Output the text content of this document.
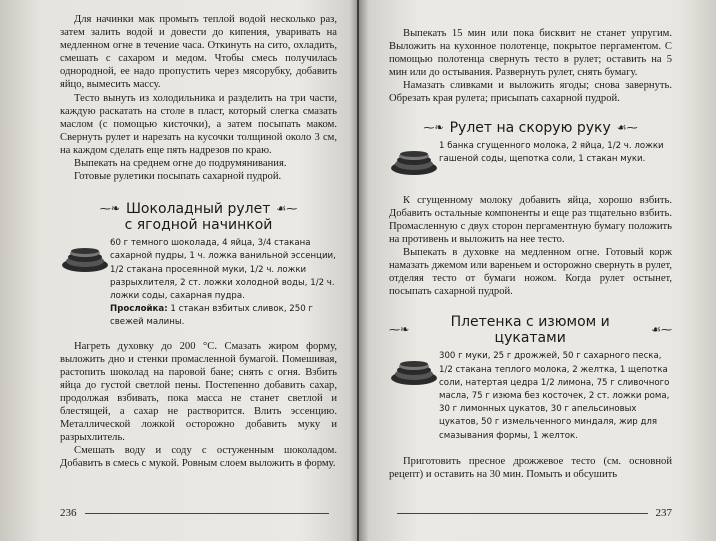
Для начинки мак промыть теплой водой несколько раз, затем залить водой и довести до кипения, уваривать на медленном огне в течение часа. Откинуть на сито, охладить, смешать с сахаром и медом. Чтобы смесь получилась однородной, ее надо пропустить через мясорубку, добавить яйцо, вымесить массу.

Тесто вынуть из холодильника и разделить на три части, каждую раскатать на столе в пласт, который слегка смазать маслом (с помощью кисточки), а затем посыпать маком. Свернуть рулет и нарезать на кусочки толщиной около 3 см, на каждом сделать еще пять надрезов по краю.

Выпекать на среднем огне до подрумянивания.

Готовые рулетики посыпать сахарной пудрой.

⁓❧ Шоколадный рулет ☙⁓
с ягодной начинкой

60 г темного шоколада, 4 яйца, 3/4 стакана сахарной пудры, 1 ч. ложка ванильной эссенции, 1/2 стакана просеянной муки, 1/2 ч. ложки разрыхлителя, 2 ст. ложки холодной воды, 1/2 ч. ложки соды, сахарная пудра.

Прослойка: 1 стакан взбитых сливок, 250 г свежей малины.

Нагреть духовку до 200 °С. Смазать жиром форму, выложить дно и стенки промасленной бумагой. Помешивая, растопить шоколад на паровой бане; снять с огня. Взбить яйца до густой светлой пены. Постепенно добавить сахар, продолжая взбивать, пока масса не станет светлой и блестящей, а сахар не растворится. Влить эссенцию. Металлической ложкой осторожно добавить муку и разрыхлитель.

Смешать воду и соду с остуженным шоколадом. Добавить в смесь с мукой. Ровным слоем выложить в форму.

236

Выпекать 15 мин или пока бисквит не станет упругим. Выложить на кухонное полотенце, покрытое пергаментом. С помощью полотенца свернуть тесто в рулет; оставить на 5 мин или до остывания. Развернуть рулет, снять бумагу.

Намазать сливками и выложить ягоды; снова завернуть. Обрезать края рулета; присыпать сахарной пудрой.

⁓❧ Рулет на скорую руку ☙⁓

1 банка сгущенного молока, 2 яйца, 1/2 ч. ложки гашеной соды, щепотка соли, 1 стакан муки.

К сгущенному молоку добавить яйца, хорошо взбить. Добавить остальные компоненты и еще раз тщательно взбить. Промасленную с двух сторон пергаментную бумагу положить на противень и выложить на нее тесто.

Выпекать в духовке на медленном огне. Готовый корж намазать джемом или вареньем и осторожно свернуть в рулет, отделяя тесто от бумаги ножом. Когда рулет остынет, посыпать сахарной пудрой.

⁓❧	Плетенка с изюмом и цукатами
☙⁓

300 г муки, 25 г дрожжей, 50 г сахарного песка, 1/2 стакана теплого молока, 2 желтка, 1 щепотка соли, натертая цедра 1/2 лимона, 75 г сливочного масла, 75 г изюма без косточек, 2 ст. ложки рома, 30 г лимонных цукатов, 30 г апельсиновых цукатов, 50 г измельченного миндаля, жир для смазывания формы, 1 желток.

Приготовить пресное дрожжевое тесто (см. основной рецепт) и оставить на 30 мин. Помыть и обсушить

237
